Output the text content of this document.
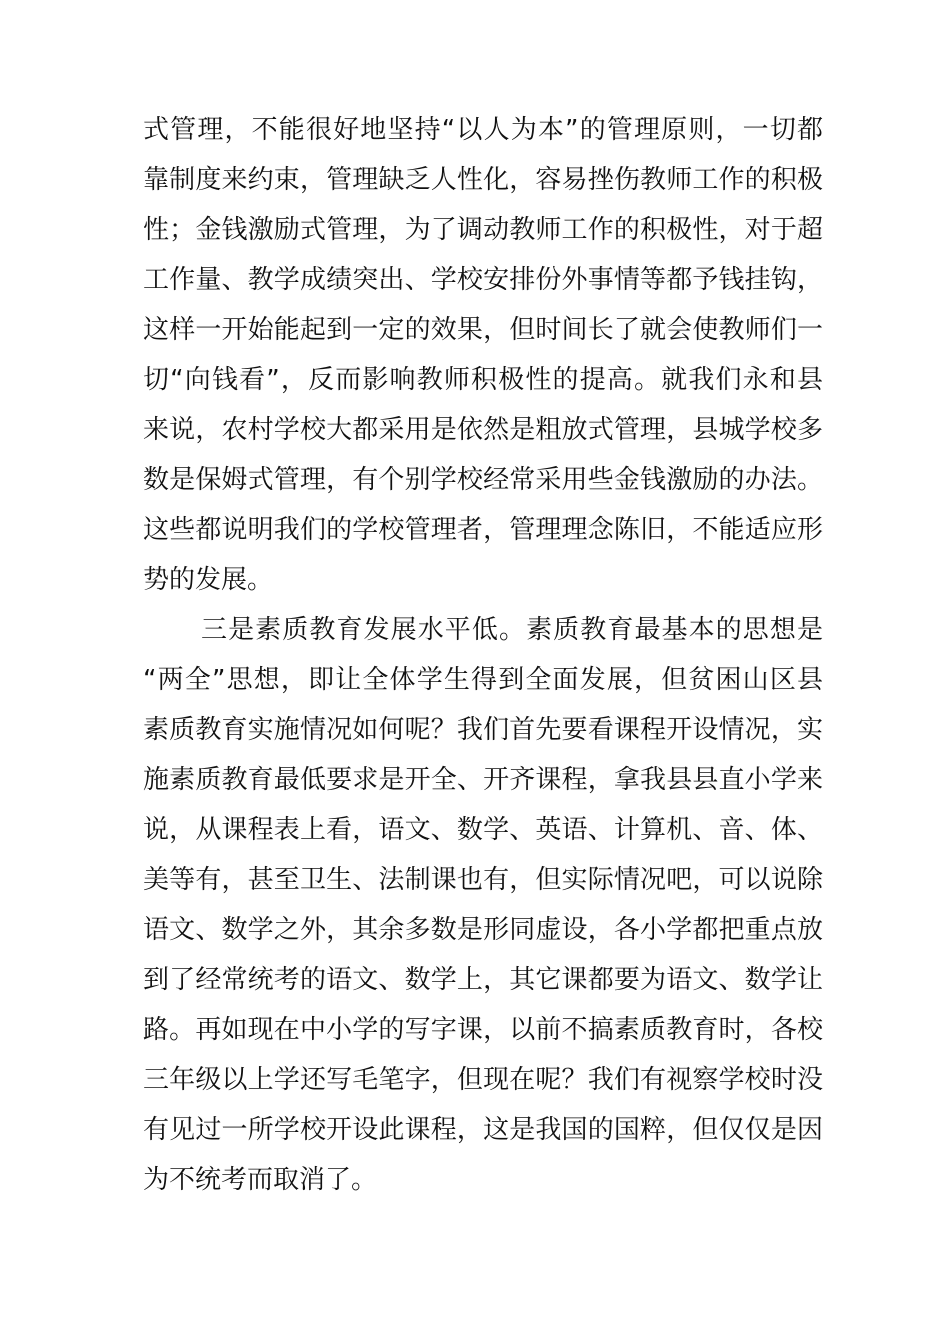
式管理，不能很好地坚持“以人为本”的管理原则，一切都
靠制度来约束，管理缺乏人性化，容易挫伤教师工作的积极
性；金钱激励式管理，为了调动教师工作的积极性，对于超
工作量、教学成绩突出、学校安排份外事情等都予钱挂钩，
这样一开始能起到一定的效果，但时间长了就会使教师们一
切“向钱看”，反而影响教师积极性的提高。就我们永和县
来说，农村学校大都采用是依然是粗放式管理，县城学校多
数是保姆式管理，有个别学校经常采用些金钱激励的办法。
这些都说明我们的学校管理者，管理理念陈旧，不能适应形
势的发展。
三是素质教育发展水平低。素质教育最基本的思想是
“两全”思想，即让全体学生得到全面发展，但贫困山区县
素质教育实施情况如何呢？我们首先要看课程开设情况，实
施素质教育最低要求是开全、开齐课程，拿我县县直小学来
说，从课程表上看，语文、数学、英语、计算机、音、体、
美等有，甚至卫生、法制课也有，但实际情况吧，可以说除
语文、数学之外，其余多数是形同虚设，各小学都把重点放
到了经常统考的语文、数学上，其它课都要为语文、数学让
路。再如现在中小学的写字课，以前不搞素质教育时，各校
三年级以上学还写毛笔字，但现在呢？我们有视察学校时没
有见过一所学校开设此课程，这是我国的国粹，但仅仅是因
为不统考而取消了。
